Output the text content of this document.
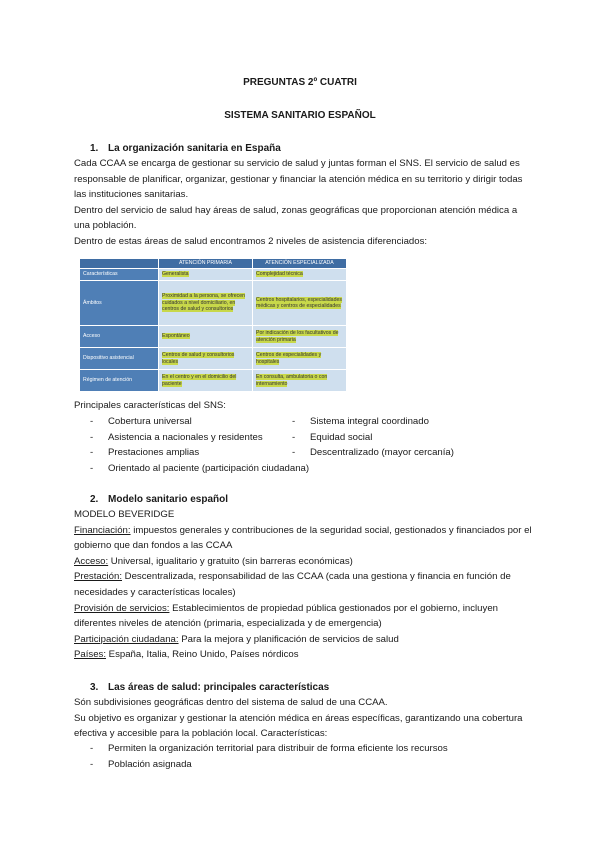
PREGUNTAS 2º CUATRI
SISTEMA SANITARIO ESPAÑOL
1. La organización sanitaria en España

Cada CCAA se encarga de gestionar su servicio de salud y juntas forman el SNS. El servicio de salud es responsable de planificar, organizar, gestionar y financiar la atención médica en su territorio y dirigir todas las instituciones sanitarias.

Dentro del servicio de salud hay áreas de salud, zonas geográficas que proporcionan atención médica a una población.

Dentro de estas áreas de salud encontramos 2 niveles de asistencia diferenciados:

	ATENCIÓN PRIMARIA	ATENCIÓN ESPECIALIZADA
Características	Generalista	Complejidad técnica
Ámbitos	Proximidad a la persona, se ofrecen cuidados a nivel domiciliario, en centros de salud y consultorios	Centros hospitalarios, especialidades médicas y centros de especialidades
Acceso	Espontáneo	Por indicación de los facultativos de atención primaria
Dispositivo asistencial	Centros de salud y consultorios locales	Centros de especialidades y hospitales
Régimen de atención	En el centro y en el domicilio del paciente	En consulta, ambulatoria o con internamiento
Principales características del SNS:
- Cobertura universal
- Asistencia a nacionales y residentes
- Prestaciones amplias
- Orientado al paciente (participación ciudadana)
- Sistema integral coordinado
- Equidad social
- Descentralizado (mayor cercanía)
2. Modelo sanitario español

MODELO BEVERIDGE

Financiación: impuestos generales y contribuciones de la seguridad social, gestionados y financiados por el gobierno que dan fondos a las CCAA

Acceso: Universal, igualitario y gratuito (sin barreras económicas)

Prestación: Descentralizada, responsabilidad de las CCAA (cada una gestiona y financia en función de necesidades y características locales)

Provisión de servicios: Establecimientos de propiedad pública gestionados por el gobierno, incluyen diferentes niveles de atención (primaria, especializada y de emergencia)

Participación ciudadana: Para la mejora y planificación de servicios de salud

Países: España, Italia, Reino Unido, Países nórdicos

3. Las áreas de salud: principales características

Són subdivisiones geográficas dentro del sistema de salud de una CCAA.

Su objetivo es organizar y gestionar la atención médica en áreas específicas, garantizando una cobertura efectiva y accesible para la población local. Características:

- Permiten la organización territorial para distribuir de forma eficiente los recursos
- Población asignada
